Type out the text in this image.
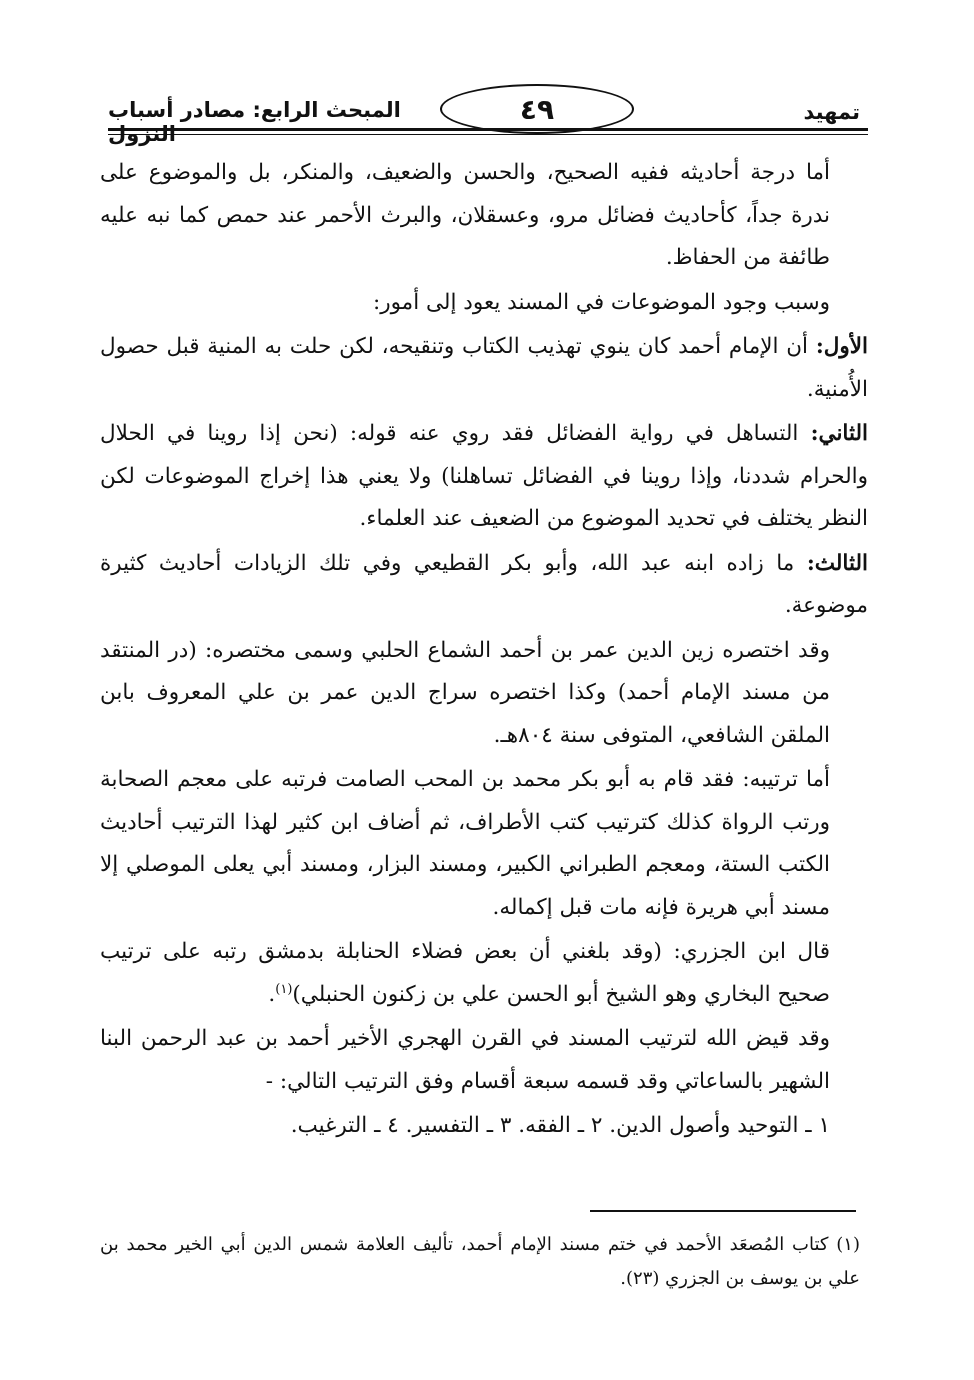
تمهيد
٤٩
المبحث الرابع: مصادر أسباب النزول

أما درجة أحاديثه ففيه الصحيح، والحسن والضعيف، والمنكر، بل والموضوع على ندرة جداً، كأحاديث فضائل مرو، وعسقلان، والبرث الأحمر عند حمص كما نبه عليه طائفة من الحفاظ.

وسبب وجود الموضوعات في المسند يعود إلى أمور:

الأول: أن الإمام أحمد كان ينوي تهذيب الكتاب وتنقيحه، لكن حلت به المنية قبل حصول الأُمنية.

الثاني: التساهل في رواية الفضائل فقد روي عنه قوله: (نحن إذا روينا في الحلال والحرام شددنا، وإذا روينا في الفضائل تساهلنا) ولا يعني هذا إخراج الموضوعات لكن النظر يختلف في تحديد الموضوع من الضعيف عند العلماء.

الثالث: ما زاده ابنه عبد الله، وأبو بكر القطيعي وفي تلك الزيادات أحاديث كثيرة موضوعة.

وقد اختصره زين الدين عمر بن أحمد الشماع الحلبي وسمى مختصره: (در المنتقد من مسند الإمام أحمد) وكذا اختصره سراج الدين عمر بن علي المعروف بابن الملقن الشافعي، المتوفى سنة ٨٠٤هـ.

أما ترتيبه: فقد قام به أبو بكر محمد بن المحب الصامت فرتبه على معجم الصحابة ورتب الرواة كذلك كترتيب كتب الأطراف، ثم أضاف ابن كثير لهذا الترتيب أحاديث الكتب الستة، ومعجم الطبراني الكبير، ومسند البزار، ومسند أبي يعلى الموصلي إلا مسند أبي هريرة فإنه مات قبل إكماله.

قال ابن الجزري: (وقد بلغني أن بعض فضلاء الحنابلة بدمشق رتبه على ترتيب صحيح البخاري وهو الشيخ أبو الحسن علي بن زكنون الحنبلي)$^{(١)}$.

وقد قيض الله لترتيب المسند في القرن الهجري الأخير أحمد بن عبد الرحمن البنا الشهير بالساعاتي وقد قسمه سبعة أقسام وفق الترتيب التالي: -

١ ـ التوحيد وأصول الدين. ٢ ـ الفقه. ٣ ـ التفسير. ٤ ـ الترغيب.

(١) كتاب المُصعَد الأحمد في ختم مسند الإمام أحمد، تأليف العلامة شمس الدين أبي الخير محمد بن علي بن يوسف بن الجزري (٢٣).
